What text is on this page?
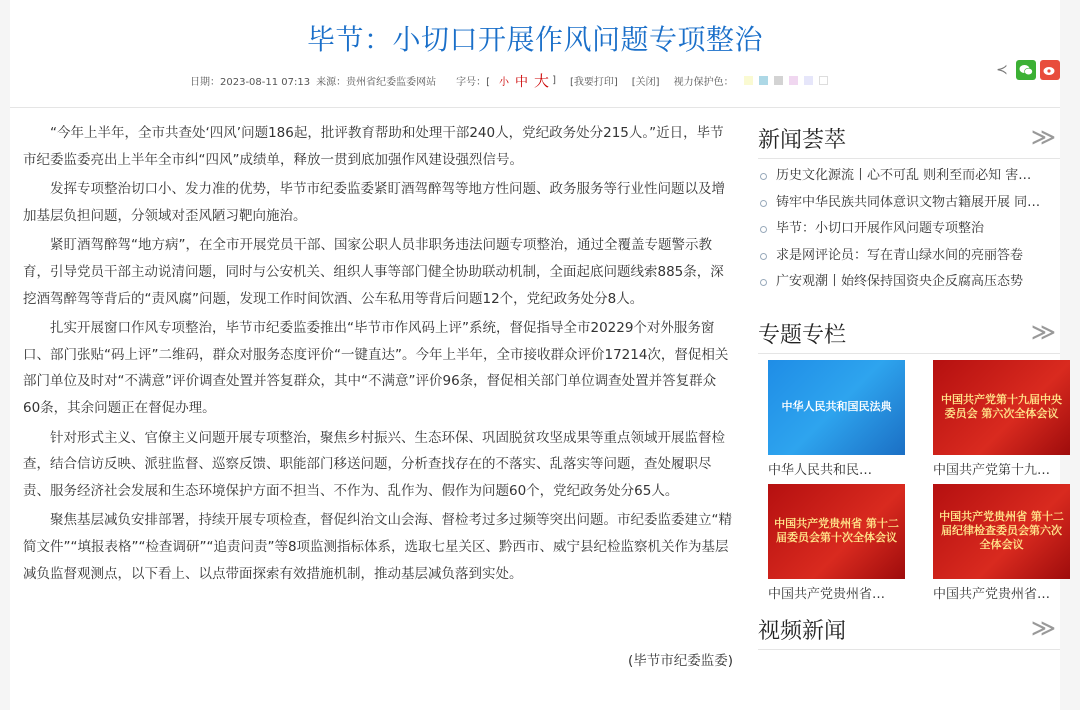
毕节：小切口开展作风问题专项整治
日期：2023-08-11 07:13 来源：贵州省纪委监委网站 字号：[ 小 中 大 ] [我要打印] [关闭] 视力保护色：
≺

“今年上半年，全市共查处‘四风’问题186起，批评教育帮助和处理干部240人，党纪政务处分215人。”近日，毕节市纪委监委亮出上半年全市纠“四风”成绩单，释放一贯到底加强作风建设强烈信号。

发挥专项整治切口小、发力准的优势，毕节市纪委监委紧盯酒驾醉驾等地方性问题、政务服务等行业性问题以及增加基层负担问题，分领域对歪风陋习靶向施治。

紧盯酒驾醉驾“地方病”，在全市开展党员干部、国家公职人员非职务违法问题专项整治，通过全覆盖专题警示教育，引导党员干部主动说清问题，同时与公安机关、组织人事等部门健全协助联动机制，全面起底问题线索885条，深挖酒驾醉驾等背后的“责风腐”问题，发现工作时间饮酒、公车私用等背后问题12个，党纪政务处分8人。

扎实开展窗口作风专项整治，毕节市纪委监委推出“毕节市作风码上评”系统，督促指导全市20229个对外服务窗口、部门张贴“码上评”二维码，群众对服务态度评价“一键直达”。今年上半年，全市接收群众评价17214次，督促相关部门单位及时对“不满意”评价调查处置并答复群众，其中“不满意”评价96条，督促相关部门单位调查处置并答复群众60条，其余问题正在督促办理。

针对形式主义、官僚主义问题开展专项整治，聚焦乡村振兴、生态环保、巩固脱贫攻坚成果等重点领域开展监督检查，结合信访反映、派驻监督、巡察反馈、职能部门移送问题，分析查找存在的不落实、乱落实等问题，查处履职尽责、服务经济社会发展和生态环境保护方面不担当、不作为、乱作为、假作为问题60个，党纪政务处分65人。

聚焦基层减负安排部署，持续开展专项检查，督促纠治文山会海、督检考过多过频等突出问题。市纪委监委建立“精简文件”“填报表格”“检查调研”“追责问责”等8项监测指标体系，选取七星关区、黔西市、威宁县纪检监察机关作为基层减负监督观测点，以下看上、以点带面探索有效措施机制，推动基层减负落到实处。

(毕节市纪委监委)
新闻荟萃	≫
历史文化源流丨心不可乱 则利至而必知 害…
铸牢中华民族共同体意识文物古籍展开展 同…
毕节：小切口开展作风问题专项整治
求是网评论员：写在青山绿水间的亮丽答卷
广安观潮丨始终保持国资央企反腐高压态势
专题专栏	≫
中华人民共和国民法典
中华人民共和民…
中国共产党第十九届中央委员会 第六次全体会议
中国共产党第十九…
中国共产党贵州省 第十二届委员会第十次全体会议
中国共产党贵州省…
中国共产党贵州省 第十二届纪律检查委员会第六次全体会议
中国共产党贵州省…
视频新闻	≫
